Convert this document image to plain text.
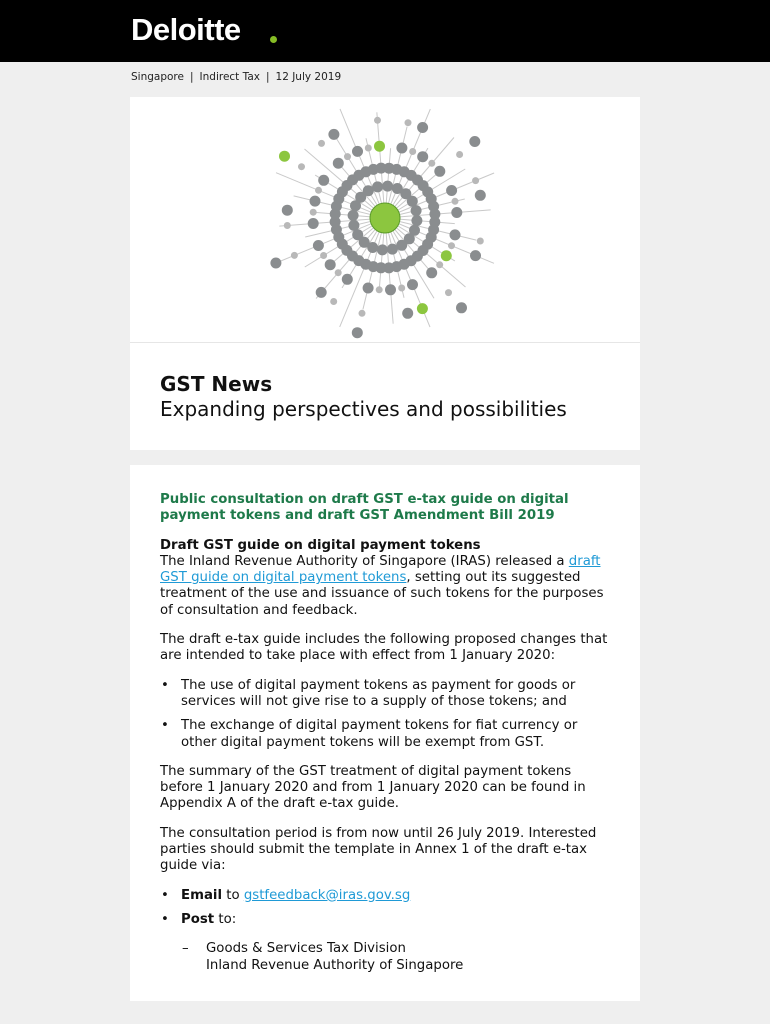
Deloitte
Singapore | Indirect Tax | 12 July 2019
GST News
Expanding perspectives and possibilities

Public consultation on draft GST e-tax guide on digital payment tokens and draft GST Amendment Bill 2019

Draft GST guide on digital payment tokens
The Inland Revenue Authority of Singapore (IRAS) released a draft GST guide on digital payment tokens, setting out its suggested treatment of the use and issuance of such tokens for the purposes of consultation and feedback.

The draft e-tax guide includes the following proposed changes that are intended to take place with effect from 1 January 2020:

• The use of digital payment tokens as payment for goods or services will not give rise to a supply of those tokens; and
• The exchange of digital payment tokens for fiat currency or other digital payment tokens will be exempt from GST.

The summary of the GST treatment of digital payment tokens before 1 January 2020 and from 1 January 2020 can be found in Appendix A of the draft e-tax guide.

The consultation period is from now until 26 July 2019. Interested parties should submit the template in Annex 1 of the draft e-tax guide via:

• Email to gstfeedback@iras.gov.sg
• Post to:
– Goods & Services Tax Division
Inland Revenue Authority of Singapore
